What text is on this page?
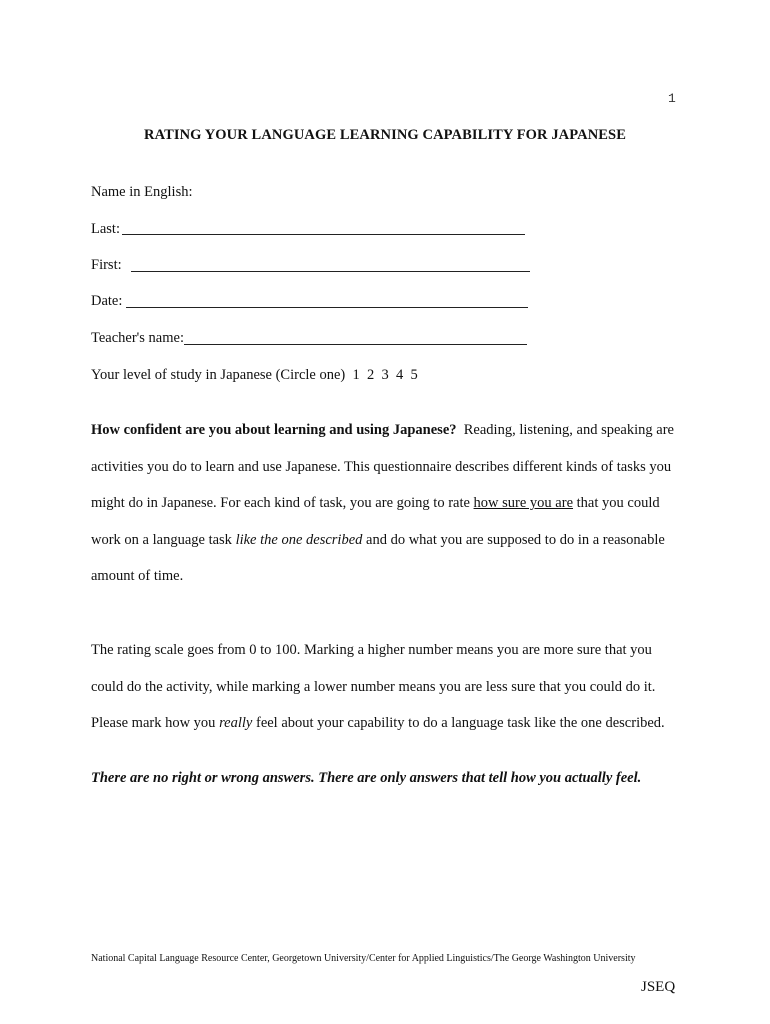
1
RATING YOUR LANGUAGE LEARNING CAPABILITY FOR JAPANESE
Name in English:
Last:
First:
Date:
Teacher's name:
Your level of study in Japanese (Circle one) 1 2 3 4 5
How confident are you about learning and using Japanese? Reading, listening, and speaking are
activities you do to learn and use Japanese. This questionnaire describes different kinds of tasks you
might do in Japanese. For each kind of task, you are going to rate how sure you are that you could
work on a language task like the one described and do what you are supposed to do in a reasonable
amount of time.
The rating scale goes from 0 to 100. Marking a higher number means you are more sure that you
could do the activity, while marking a lower number means you are less sure that you could do it.
Please mark how you really feel about your capability to do a language task like the one described.
There are no right or wrong answers. There are only answers that tell how you actually feel.
National Capital Language Resource Center, Georgetown University/Center for Applied Linguistics/The George Washington University
JSEQ
